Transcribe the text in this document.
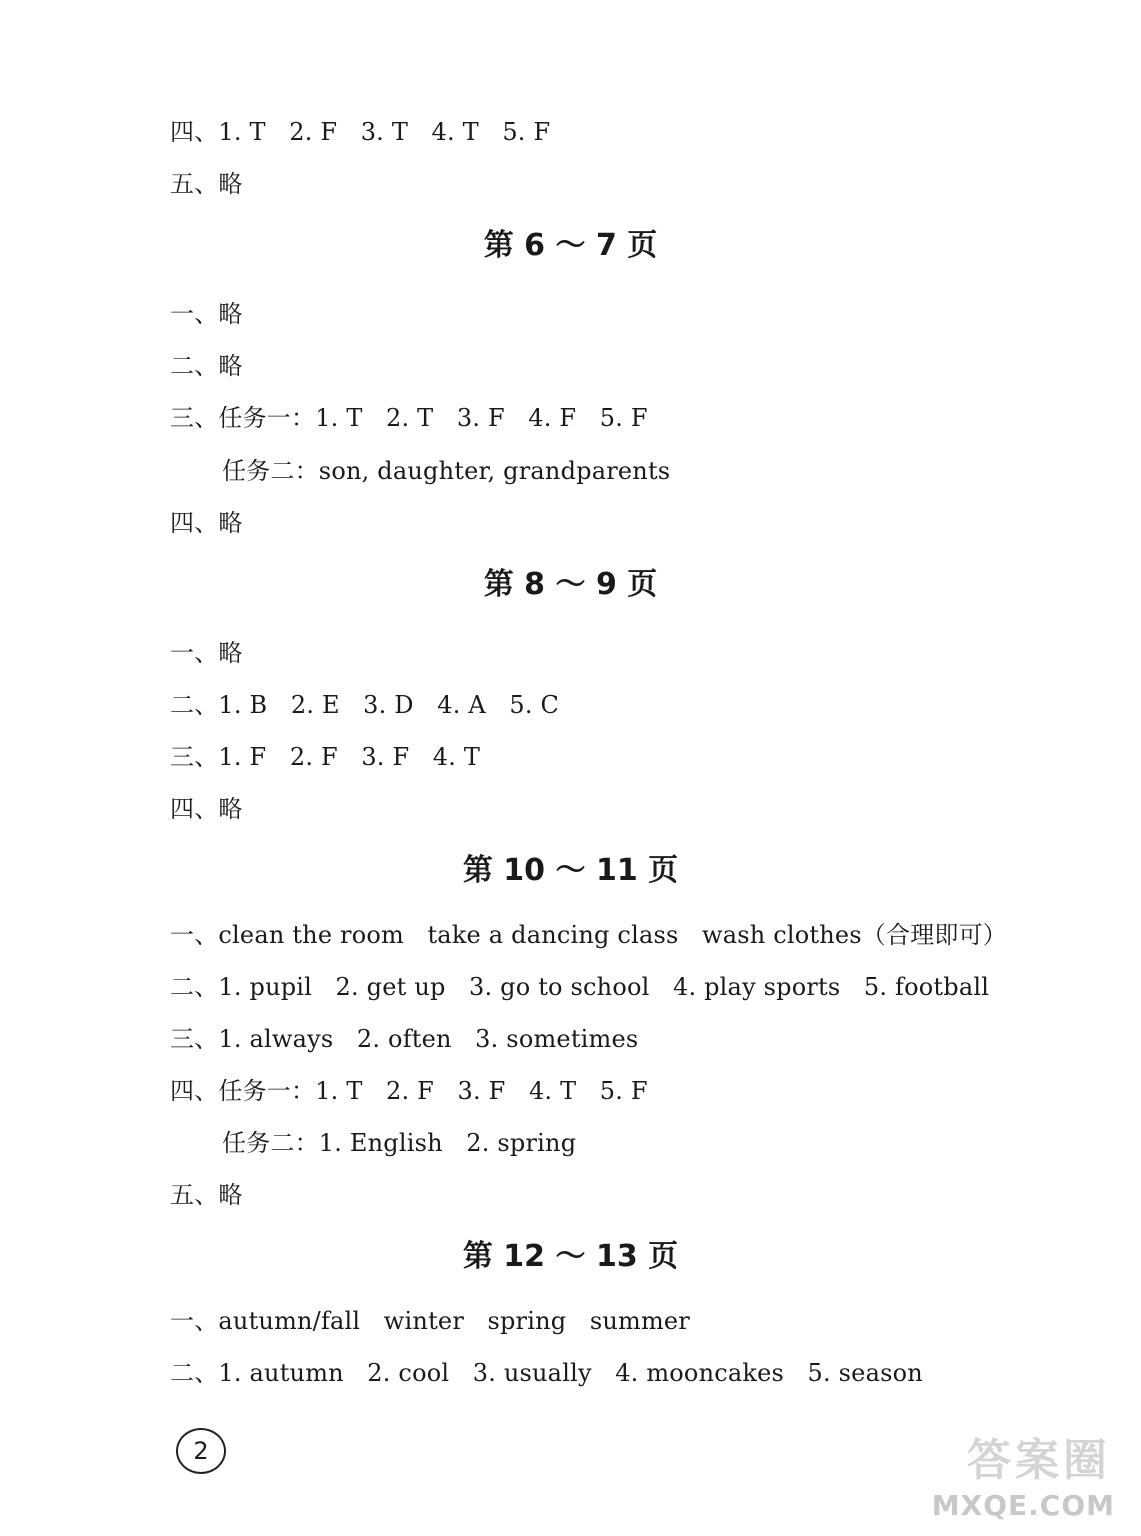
四、1. T   2. F   3. T   4. T   5. F
五、略
第 6 ～ 7 页
一、略
二、略
三、任务一：1. T   2. T   3. F   4. F   5. F
任务二：son, daughter, grandparents
四、略
第 8 ～ 9 页
一、略
二、1. B   2. E   3. D   4. A   5. C
三、1. F   2. F   3. F   4. T
四、略
第 10 ～ 11 页
一、clean the room   take a dancing class   wash clothes（合理即可）
二、1. pupil   2. get up   3. go to school   4. play sports   5. football
三、1. always   2. often   3. sometimes
四、任务一：1. T   2. F   3. F   4. T   5. F
任务二：1. English   2. spring
五、略
第 12 ～ 13 页
一、autumn/fall   winter   spring   summer
二、1. autumn   2. cool   3. usually   4. mooncakes   5. season
2	答案圈
MXQE.COM
